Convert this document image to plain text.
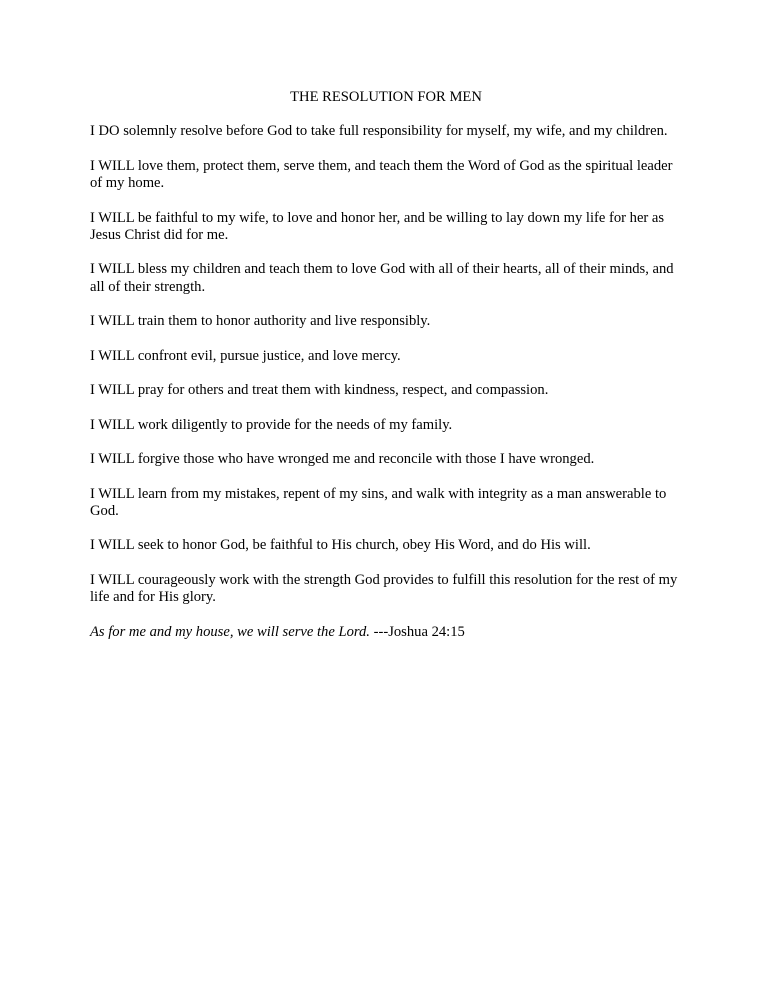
THE RESOLUTION FOR MEN

I DO solemnly resolve before God to take full responsibility for myself, my wife, and my children.

I WILL love them, protect them, serve them, and teach them the Word of God as the spiritual leader of my home.

I WILL be faithful to my wife, to love and honor her, and be willing to lay down my life for her as Jesus Christ did for me.

I WILL bless my children and teach them to love God with all of their hearts, all of their minds, and all of their strength.

I WILL train them to honor authority and live responsibly.

I WILL confront evil, pursue justice, and love mercy.

I WILL pray for others and treat them with kindness, respect, and compassion.

I WILL work diligently to provide for the needs of my family.

I WILL forgive those who have wronged me and reconcile with those I have wronged.

I WILL learn from my mistakes, repent of my sins, and walk with integrity as a man answerable to God.

I WILL seek to honor God, be faithful to His church, obey His Word, and do His will.

I WILL courageously work with the strength God provides to fulfill this resolution for the rest of my life and for His glory.

As for me and my house, we will serve the Lord. ---Joshua 24:15
